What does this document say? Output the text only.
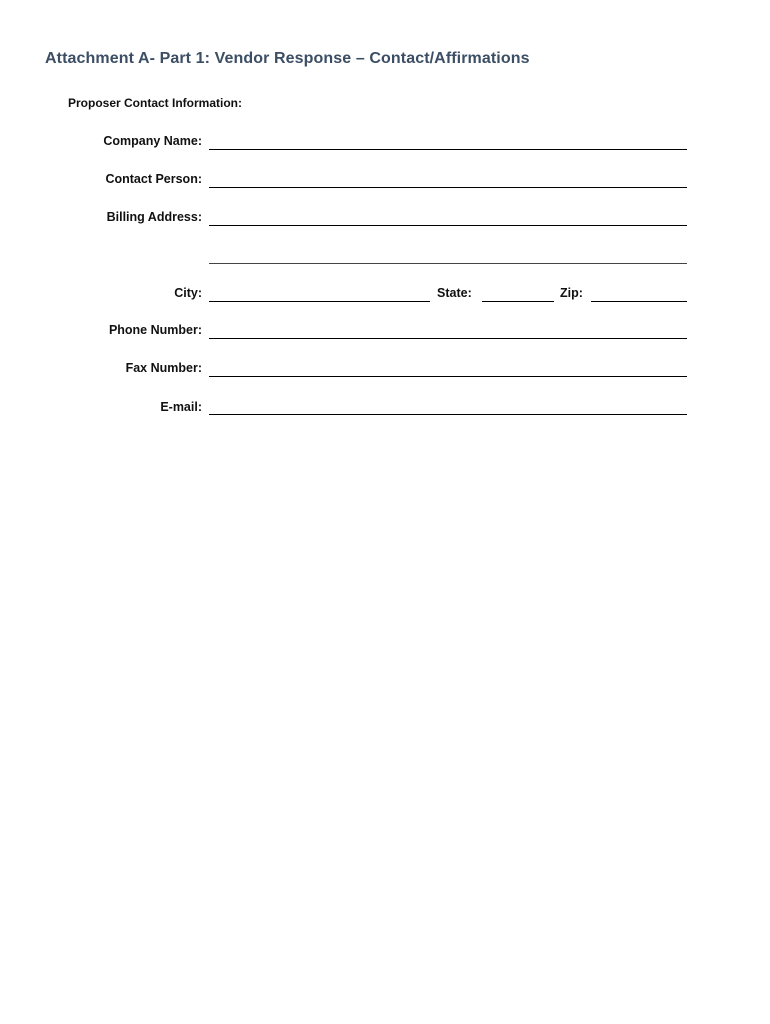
Attachment A- Part 1: Vendor Response – Contact/Affirmations
Proposer Contact Information:
Company Name:
Contact Person:
Billing Address:
City:	State:	Zip:
Phone Number:
Fax Number:
E-mail:
